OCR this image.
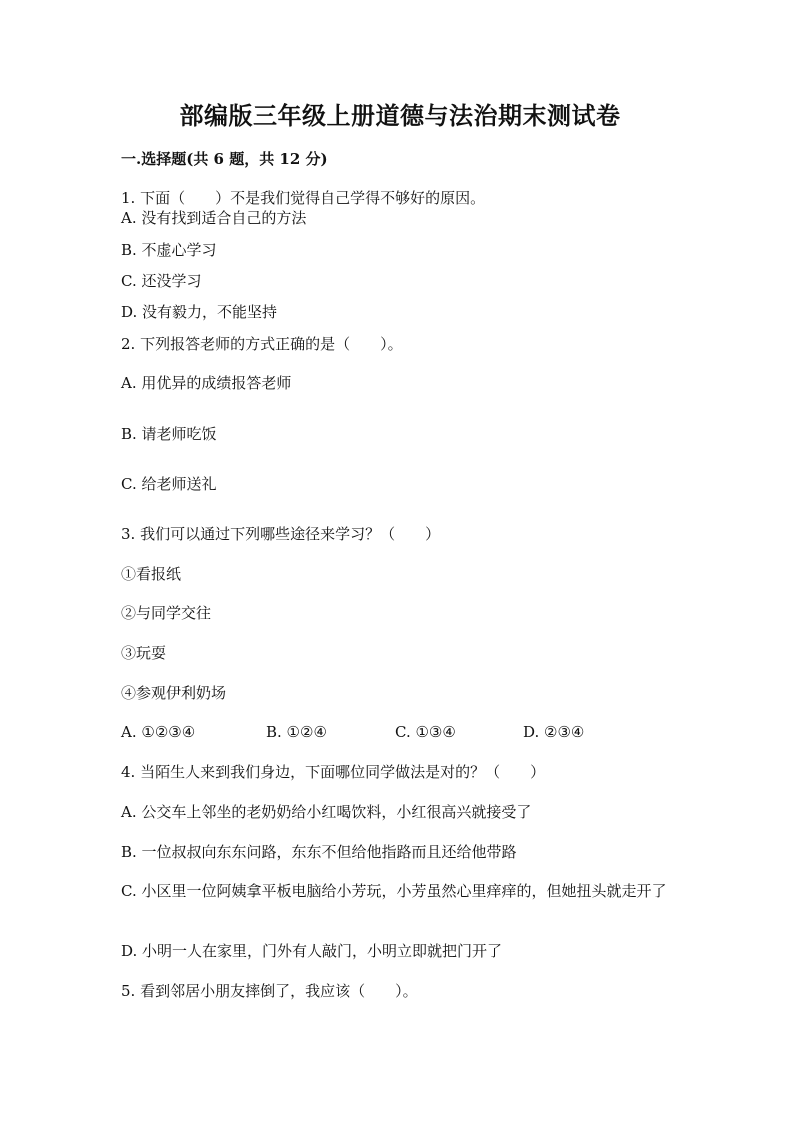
部编版三年级上册道德与法治期末测试卷
一.选择题(共 6 题，共 12 分)
1. 下面（　　）不是我们觉得自己学得不够好的原因。
A. 没有找到适合自己的方法
B. 不虚心学习
C. 还没学习
D. 没有毅力，不能坚持
2. 下列报答老师的方式正确的是（　　）。
A. 用优异的成绩报答老师
B. 请老师吃饭
C. 给老师送礼
3. 我们可以通过下列哪些途径来学习？（　　）
①看报纸
②与同学交往
③玩耍
④参观伊利奶场
A. ①②③④	B. ①②④	C. ①③④	D. ②③④
4. 当陌生人来到我们身边，下面哪位同学做法是对的？（　　）
A. 公交车上邻坐的老奶奶给小红喝饮料，小红很高兴就接受了
B. 一位叔叔向东东问路，东东不但给他指路而且还给他带路
C. 小区里一位阿姨拿平板电脑给小芳玩，小芳虽然心里痒痒的，但她扭头就走开了
D. 小明一人在家里，门外有人敲门，小明立即就把门开了
5. 看到邻居小朋友摔倒了，我应该（　　）。
